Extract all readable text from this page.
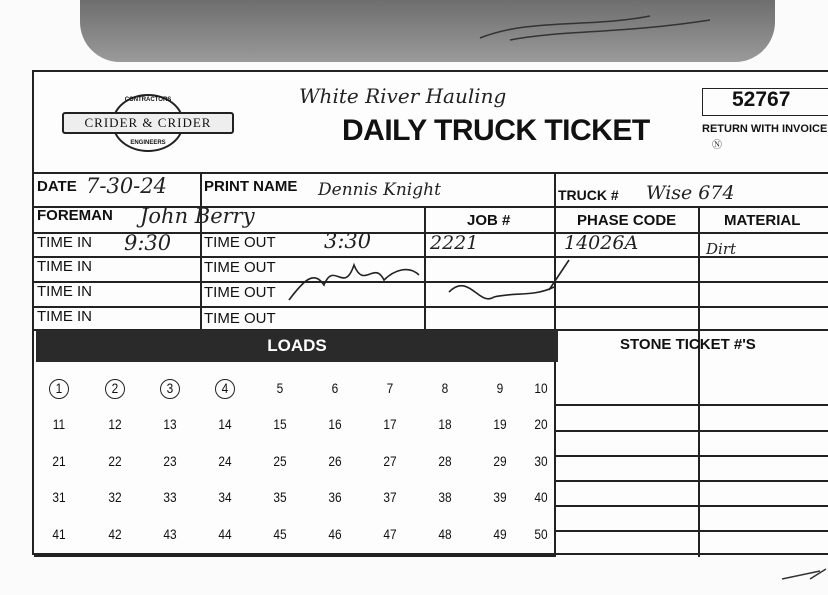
CONTRACTORS
CRIDER & CRIDER
ENGINEERS
White River Hauling
DAILY TRUCK TICKET
52767
RETURN WITH INVOICE
Ⓝ
DATE 7-30-24 PRINT NAME Dennis Knight	TRUCK # Wise 674
FOREMAN John Berry	JOB #	PHASE CODE	MATERIAL
TIME IN 9:30 TIME OUT 3:30	2221	14026A	Dirt
TIME IN	TIME OUT
TIME IN	TIME OUT
TIME IN	TIME OUT
LOADS	STONE TICKET #'S
1	2	3	4	5	6	7	8	9	10
11	12	13	14	15	16	17	18	19	20
21	22	23	24	25	26	27	28	29	30
31	32	33	34	35	36	37	38	39	40
41	42	43	44	45	46	47	48	49	50
